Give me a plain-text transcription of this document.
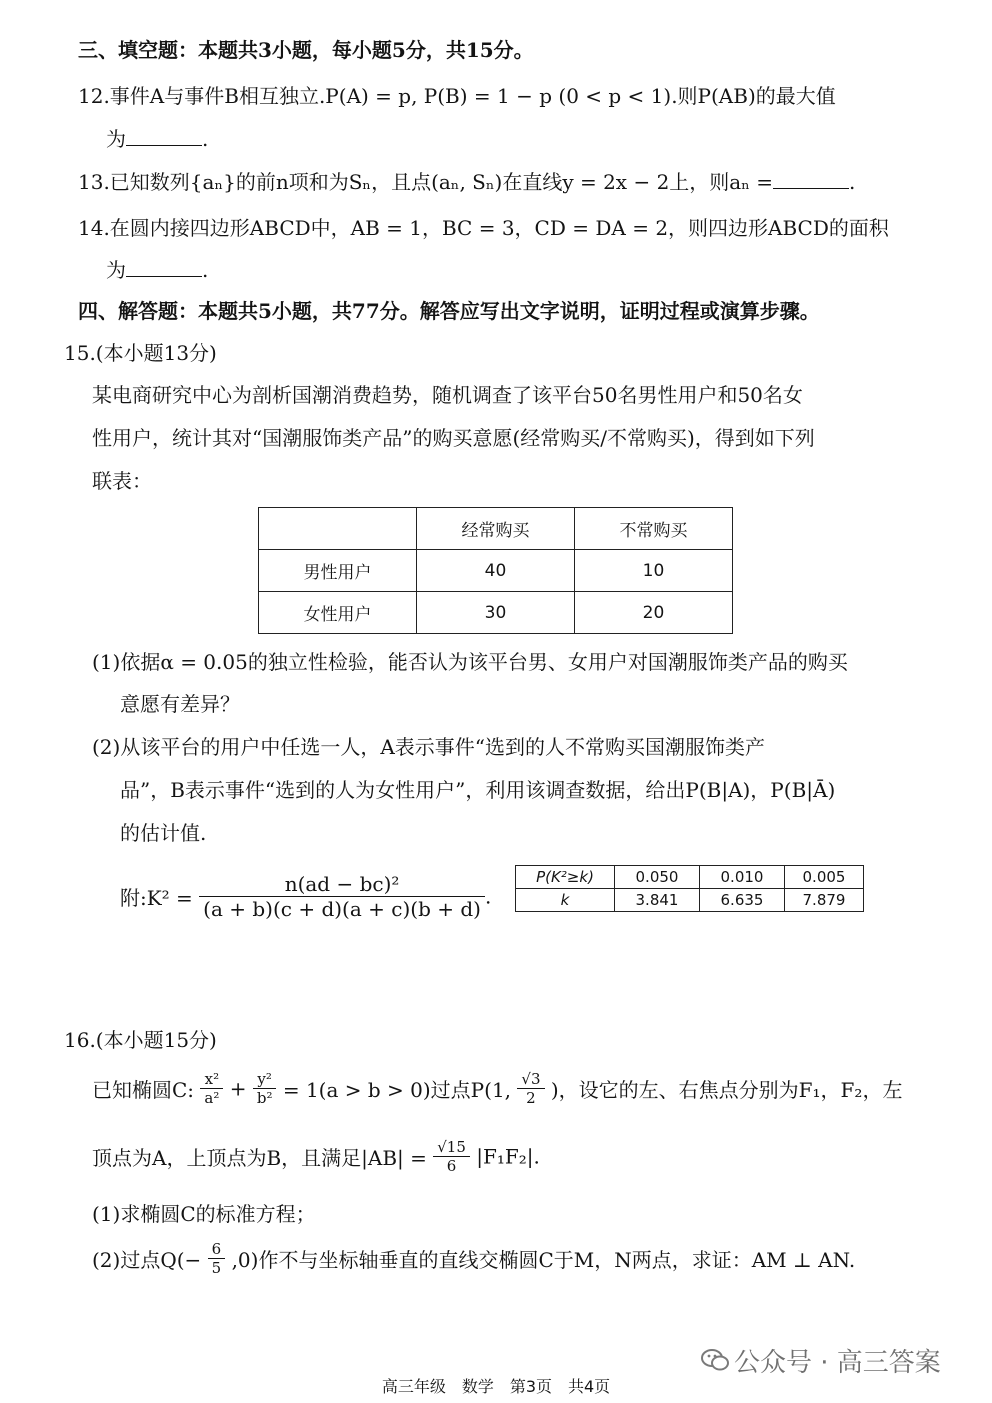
三、填空题：本题共3小题，每小题5分，共15分。
12.事件A与事件B相互独立.P(A) = p, P(B) = 1 − p (0 < p < 1).则P(AB)的最大值
为	.
13.已知数列{aₙ}的前n项和为Sₙ，且点(aₙ, Sₙ)在直线y = 2x − 2上，则aₙ =	.
14.在圆内接四边形ABCD中，AB = 1，BC = 3，CD = DA = 2，则四边形ABCD的面积
为	.
四、解答题：本题共5小题，共77分。解答应写出文字说明，证明过程或演算步骤。
15.(本小题13分)
某电商研究中心为剖析国潮消费趋势，随机调查了该平台50名男性用户和50名女
性用户，统计其对“国潮服饰类产品”的购买意愿(经常购买/不常购买)，得到如下列
联表：
	经常购买	不常购买
男性用户	40	10
女性用户	30	20
(1)依据α = 0.05的独立性检验，能否认为该平台男、女用户对国潮服饰类产品的购买
意愿有差异？
(2)从该平台的用户中任选一人，A表示事件“选到的人不常购买国潮服饰类产
品”，B表示事件“选到的人为女性用户”，利用该调查数据，给出P(B|A)，P(B|Ā)
的估计值.
附:K² = $\frac{\text{n(ad − bc)²}}{(a + b)(c + d)(a + c)(b + d)}$ .
P(K²≥k)	0.050	0.010	0.005
k	3.841	6.635	7.879
16.(本小题15分)
已知椭圆C: $\frac{\text{x²}}{\text{a²}} + \frac{\text{y²}}{\text{b²}} = 1(a > b > 0)$过点P(1, $\frac{√3}{2}$ )，设它的左、右焦点分别为F₁，F₂，左
顶点为A，上顶点为B，且满足$|AB| = \frac{√15}{6} |F_1F_2|$.
(1)求椭圆C的标准方程；
(2)过点$Q(- \frac{6}{5} ,0)$作不与坐标轴垂直的直线交椭圆C于M，N两点，求证：AM ⊥ AN.
公众号 · 高三答案
高三年级　数学　第3页　共4页
